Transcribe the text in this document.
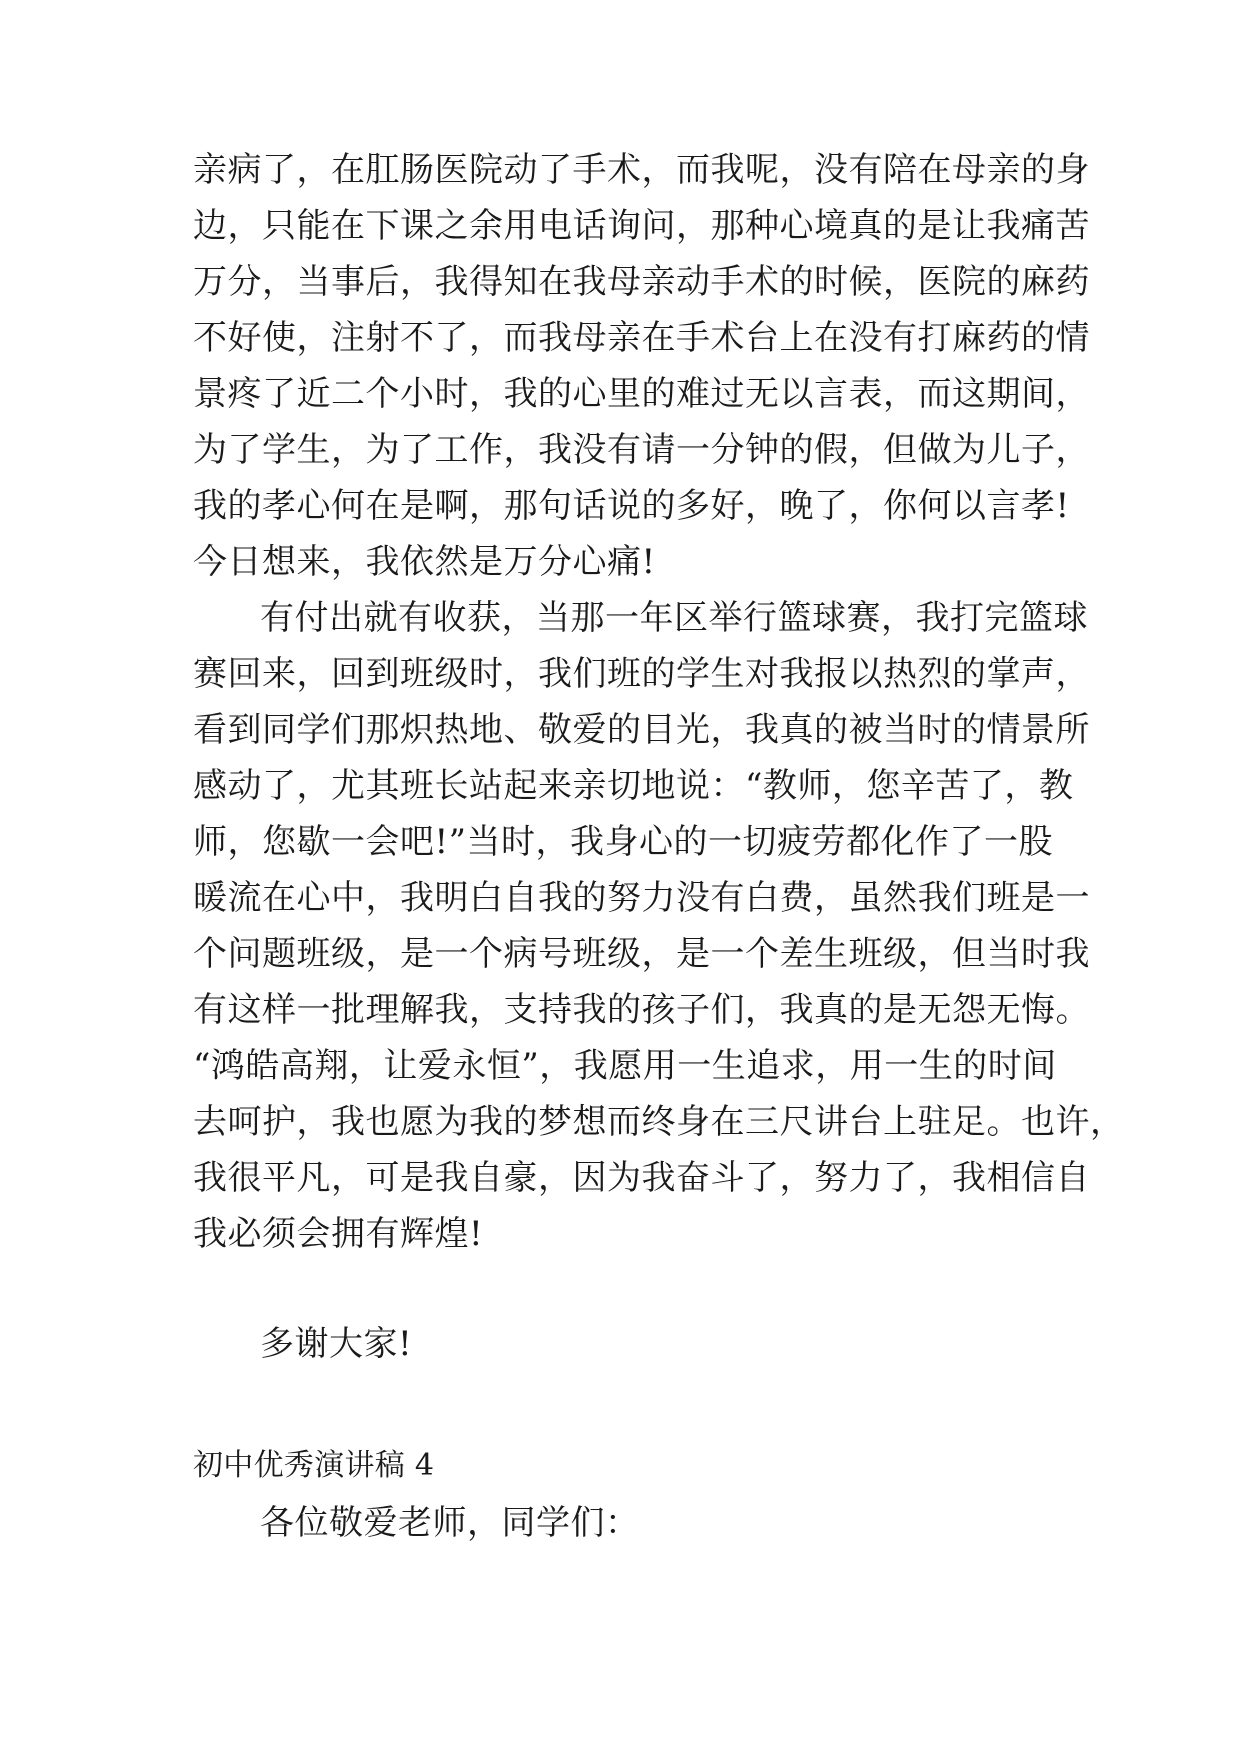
亲病了，在肛肠医院动了手术，而我呢，没有陪在母亲的身
边，只能在下课之余用电话询问，那种心境真的是让我痛苦
万分，当事后，我得知在我母亲动手术的时候，医院的麻药
不好使，注射不了，而我母亲在手术台上在没有打麻药的情
景疼了近二个小时，我的心里的难过无以言表，而这期间，
为了学生，为了工作，我没有请一分钟的假，但做为儿子，
我的孝心何在是啊，那句话说的多好，晚了，你何以言孝!
今日想来，我依然是万分心痛!
有付出就有收获，当那一年区举行篮球赛，我打完篮球
赛回来，回到班级时，我们班的学生对我报以热烈的掌声，
看到同学们那炽热地、敬爱的目光，我真的被当时的情景所
感动了，尤其班长站起来亲切地说：“教师，您辛苦了，教
师，您歇一会吧!”当时，我身心的一切疲劳都化作了一股
暖流在心中，我明白自我的努力没有白费，虽然我们班是一
个问题班级，是一个病号班级，是一个差生班级，但当时我
有这样一批理解我，支持我的孩子们，我真的是无怨无悔。
“鸿皓高翔，让爱永恒”，我愿用一生追求，用一生的时间
去呵护，我也愿为我的梦想而终身在三尺讲台上驻足。也许，
我很平凡，可是我自豪，因为我奋斗了，努力了，我相信自
我必须会拥有辉煌!
多谢大家!
初中优秀演讲稿 4
各位敬爱老师，同学们：
